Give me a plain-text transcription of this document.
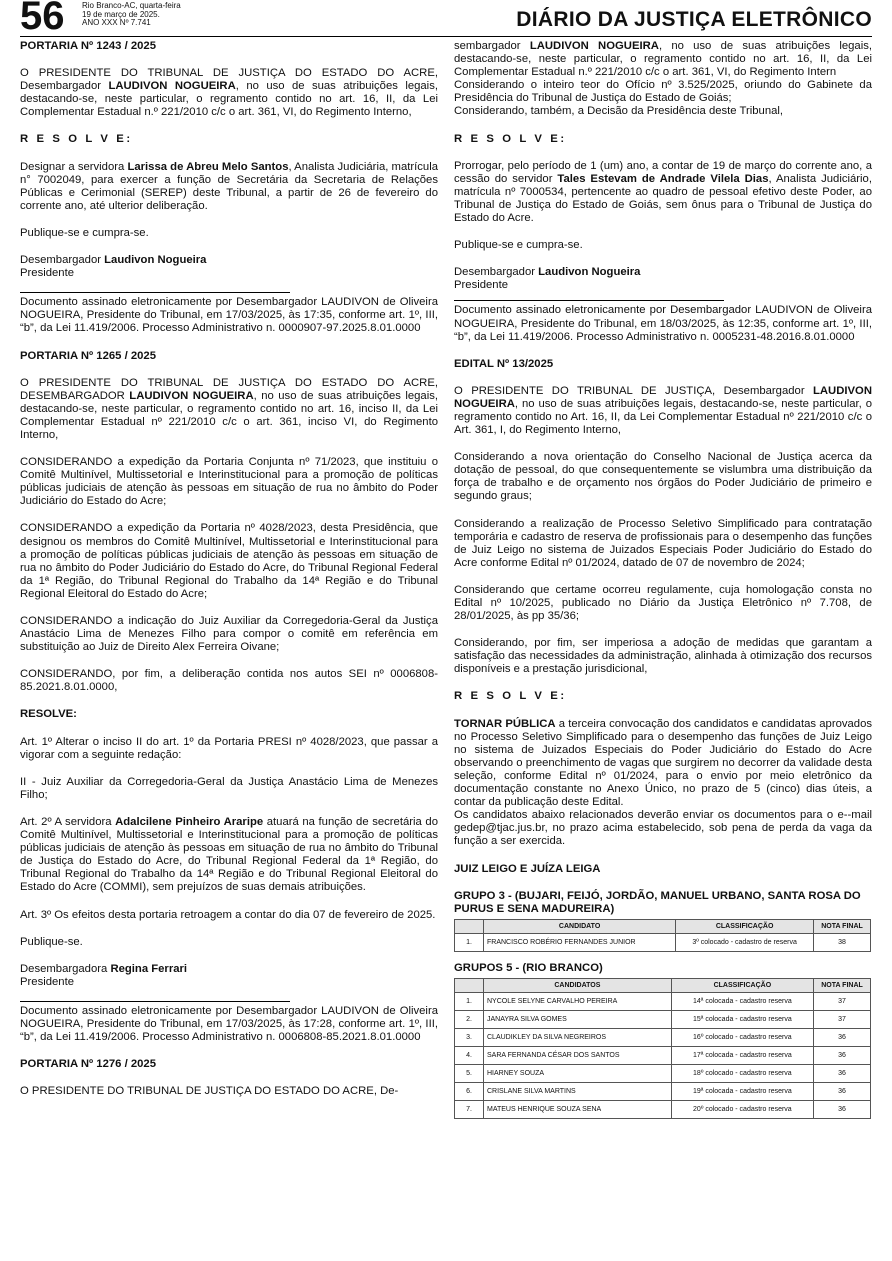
56 Rio Branco-AC, quarta-feira
19 de março de 2025.
ANO XXX Nº 7.741	DIÁRIO DA JUSTIÇA ELETRÔNICO
PORTARIA Nº 1243 / 2025

O PRESIDENTE DO TRIBUNAL DE JUSTIÇA DO ESTADO DO ACRE, Desembargador LAUDIVON NOGUEIRA, no uso de suas atribuições legais, destacando-se, neste particular, o regramento contido no art. 16, II, da Lei Complementar Estadual n.º 221/2010 c/c o art. 361, VI, do Regimento Interno,

R E S O L V E:

Designar a servidora Larissa de Abreu Melo Santos, Analista Judiciária, matrícula n° 7002049, para exercer a função de Secretária da Secretaria de Relações Públicas e Cerimonial (SEREP) deste Tribunal, a partir de 26 de fevereiro do corrente ano, até ulterior deliberação.

Publique-se e cumpra-se.

Desembargador Laudivon Nogueira

Presidente

Documento assinado eletronicamente por Desembargador LAUDIVON de Oliveira NOGUEIRA, Presidente do Tribunal, em 17/03/2025, às 17:35, conforme art. 1º, III, “b”, da Lei 11.419/2006. Processo Administrativo n. 0000907-97.2025.8.01.0000

PORTARIA Nº 1265 / 2025

O PRESIDENTE DO TRIBUNAL DE JUSTIÇA DO ESTADO DO ACRE, DESEMBARGADOR LAUDIVON NOGUEIRA, no uso de suas atribuições legais, destacando-se, neste particular, o regramento contido no art. 16, inciso II, da Lei Complementar Estadual nº 221/2010 c/c o art. 361, inciso VI, do Regimento Interno,

CONSIDERANDO a expedição da Portaria Conjunta nº 71/2023, que instituiu o Comitê Multinível, Multissetorial e Interinstitucional para a promoção de políticas públicas judiciais de atenção às pessoas em situação de rua no âmbito do Poder Judiciário do Estado do Acre;

CONSIDERANDO a expedição da Portaria nº 4028/2023, desta Presidência, que designou os membros do Comitê Multinível, Multissetorial e Interinstitucional para a promoção de políticas públicas judiciais de atenção às pessoas em situação de rua no âmbito do Poder Judiciário do Estado do Acre, do Tribunal Regional Federal da 1ª Região, do Tribunal Regional do Trabalho da 14ª Região e do Tribunal Regional Eleitoral do Estado do Acre;

CONSIDERANDO a indicação do Juiz Auxiliar da Corregedoria-Geral da Justiça Anastácio Lima de Menezes Filho para compor o comitê em referência em substituição ao Juiz de Direito Alex Ferreira Oivane;

CONSIDERANDO, por fim, a deliberação contida nos autos SEI nº 0006808-85.2021.8.01.0000,

RESOLVE:

Art. 1º Alterar o inciso II do art. 1º da Portaria PRESI nº 4028/2023, que passar a vigorar com a seguinte redação:

II - Juiz Auxiliar da Corregedoria-Geral da Justiça Anastácio Lima de Menezes Filho;

Art. 2º A servidora Adalcilene Pinheiro Araripe atuará na função de secretária do Comitê Multinível, Multissetorial e Interinstitucional para a promoção de políticas públicas judiciais de atenção às pessoas em situação de rua no âmbito do Tribunal de Justiça do Estado do Acre, do Tribunal Regional Federal da 1ª Região, do Tribunal Regional do Trabalho da 14ª Região e do Tribunal Regional Eleitoral do Estado do Acre (COMMI), sem prejuízos de suas demais atribuições.

Art. 3º Os efeitos desta portaria retroagem a contar do dia 07 de fevereiro de 2025.

Publique-se.

Desembargadora Regina Ferrari

Presidente

Documento assinado eletronicamente por Desembargador LAUDIVON de Oliveira NOGUEIRA, Presidente do Tribunal, em 17/03/2025, às 17:28, conforme art. 1º, III, “b”, da Lei 11.419/2006. Processo Administrativo n. 0006808-85.2021.8.01.0000

PORTARIA Nº 1276 / 2025

O PRESIDENTE DO TRIBUNAL DE JUSTIÇA DO ESTADO DO ACRE, De-

sembargador LAUDIVON NOGUEIRA, no uso de suas atribuições legais, destacando-se, neste particular, o regramento contido no art. 16, II, da Lei Complementar Estadual n.º 221/2010 c/c o art. 361, VI, do Regimento Intern

Considerando o inteiro teor do Ofício nº 3.525/2025, oriundo do Gabinete da Presidência do Tribunal de Justiça do Estado de Goiás;

Considerando, também, a Decisão da Presidência deste Tribunal,

R E S O L V E:

Prorrogar, pelo período de 1 (um) ano, a contar de 19 de março do corrente ano, a cessão do servidor Tales Estevam de Andrade Vilela Dias, Analista Judiciário, matrícula nº 7000534, pertencente ao quadro de pessoal efetivo deste Poder, ao Tribunal de Justiça do Estado de Goiás, sem ônus para o Tribunal de Justiça do Estado do Acre.

Publique-se e cumpra-se.

Desembargador Laudivon Nogueira

Presidente

Documento assinado eletronicamente por Desembargador LAUDIVON de Oliveira NOGUEIRA, Presidente do Tribunal, em 18/03/2025, às 12:35, conforme art. 1º, III, “b”, da Lei 11.419/2006. Processo Administrativo n. 0005231-48.2016.8.01.0000

EDITAL Nº 13/2025

O PRESIDENTE DO TRIBUNAL DE JUSTIÇA, Desembargador LAUDIVON NOGUEIRA, no uso de suas atribuições legais, destacando-se, neste particular, o regramento contido no Art. 16, II, da Lei Complementar Estadual nº 221/2010 c/c o Art. 361, I, do Regimento Interno,

Considerando a nova orientação do Conselho Nacional de Justiça acerca da dotação de pessoal, do que consequentemente se vislumbra uma distribuição da força de trabalho e de orçamento nos órgãos do Poder Judiciário de primeiro e segundo graus;

Considerando a realização de Processo Seletivo Simplificado para contratação temporária e cadastro de reserva de profissionais para o desempenho das funções de Juiz Leigo no sistema de Juizados Especiais Poder Judiciário do Estado do Acre conforme Edital nº 01/2024, datado de 07 de novembro de 2024;

Considerando que certame ocorreu regulamente, cuja homologação consta no Edital nº 10/2025, publicado no Diário da Justiça Eletrônico nº 7.708, de 28/01/2025, às pp 35/36;

Considerando, por fim, ser imperiosa a adoção de medidas que garantam a satisfação das necessidades da administração, alinhada à otimização dos recursos disponíveis e a prestação jurisdicional,

R E S O L V E:

TORNAR PÚBLICA a terceira convocação dos candidatos e candidatas aprovados no Processo Seletivo Simplificado para o desempenho das funções de Juiz Leigo no sistema de Juizados Especiais do Poder Judiciário do Estado do Acre observando o preenchimento de vagas que surgirem no decorrer da validade desta seleção, conforme Edital nº 01/2024, para o envio por meio eletrônico da documentação constante no Anexo Único, no prazo de 5 (cinco) dias úteis, a contar da publicação deste Edital.

Os candidatos abaixo relacionados deverão enviar os documentos para o e--mail gedep@tjac.jus.br, no prazo acima estabelecido, sob pena de perda da vaga da função a ser exercida.

JUIZ LEIGO E JUÍZA LEIGA
GRUPO 3 - (BUJARI, FEIJÓ, JORDÃO, MANUEL URBANO, SANTA ROSA DO PURUS E SENA MADUREIRA)
	CANDIDATO	CLASSIFICAÇÃO	NOTA FINAL
1.	FRANCISCO ROBÉRIO FERNANDES JUNIOR	3º colocado - cadastro de reserva	38
GRUPOS 5 - (RIO BRANCO)
	CANDIDATOS	CLASSIFICAÇÃO	NOTA FINAL
1.	NYCOLE SELYNE CARVALHO PEREIRA	14ª colocada - cadastro reserva	37
2.	JANAYRA SILVA GOMES	15ª colocada - cadastro reserva	37
3.	CLAUDIKLEY DA SILVA NEGREIROS	16º colocado - cadastro reserva	36
4.	SARA FERNANDA CÉSAR DOS SANTOS	17ª colocada - cadastro reserva	36
5.	HIARNEY SOUZA	18º colocado - cadastro reserva	36
6.	CRISLANE SILVA MARTINS	19ª colocada - cadastro reserva	36
7.	MATEUS HENRIQUE SOUZA SENA	20º colocado - cadastro reserva	36
